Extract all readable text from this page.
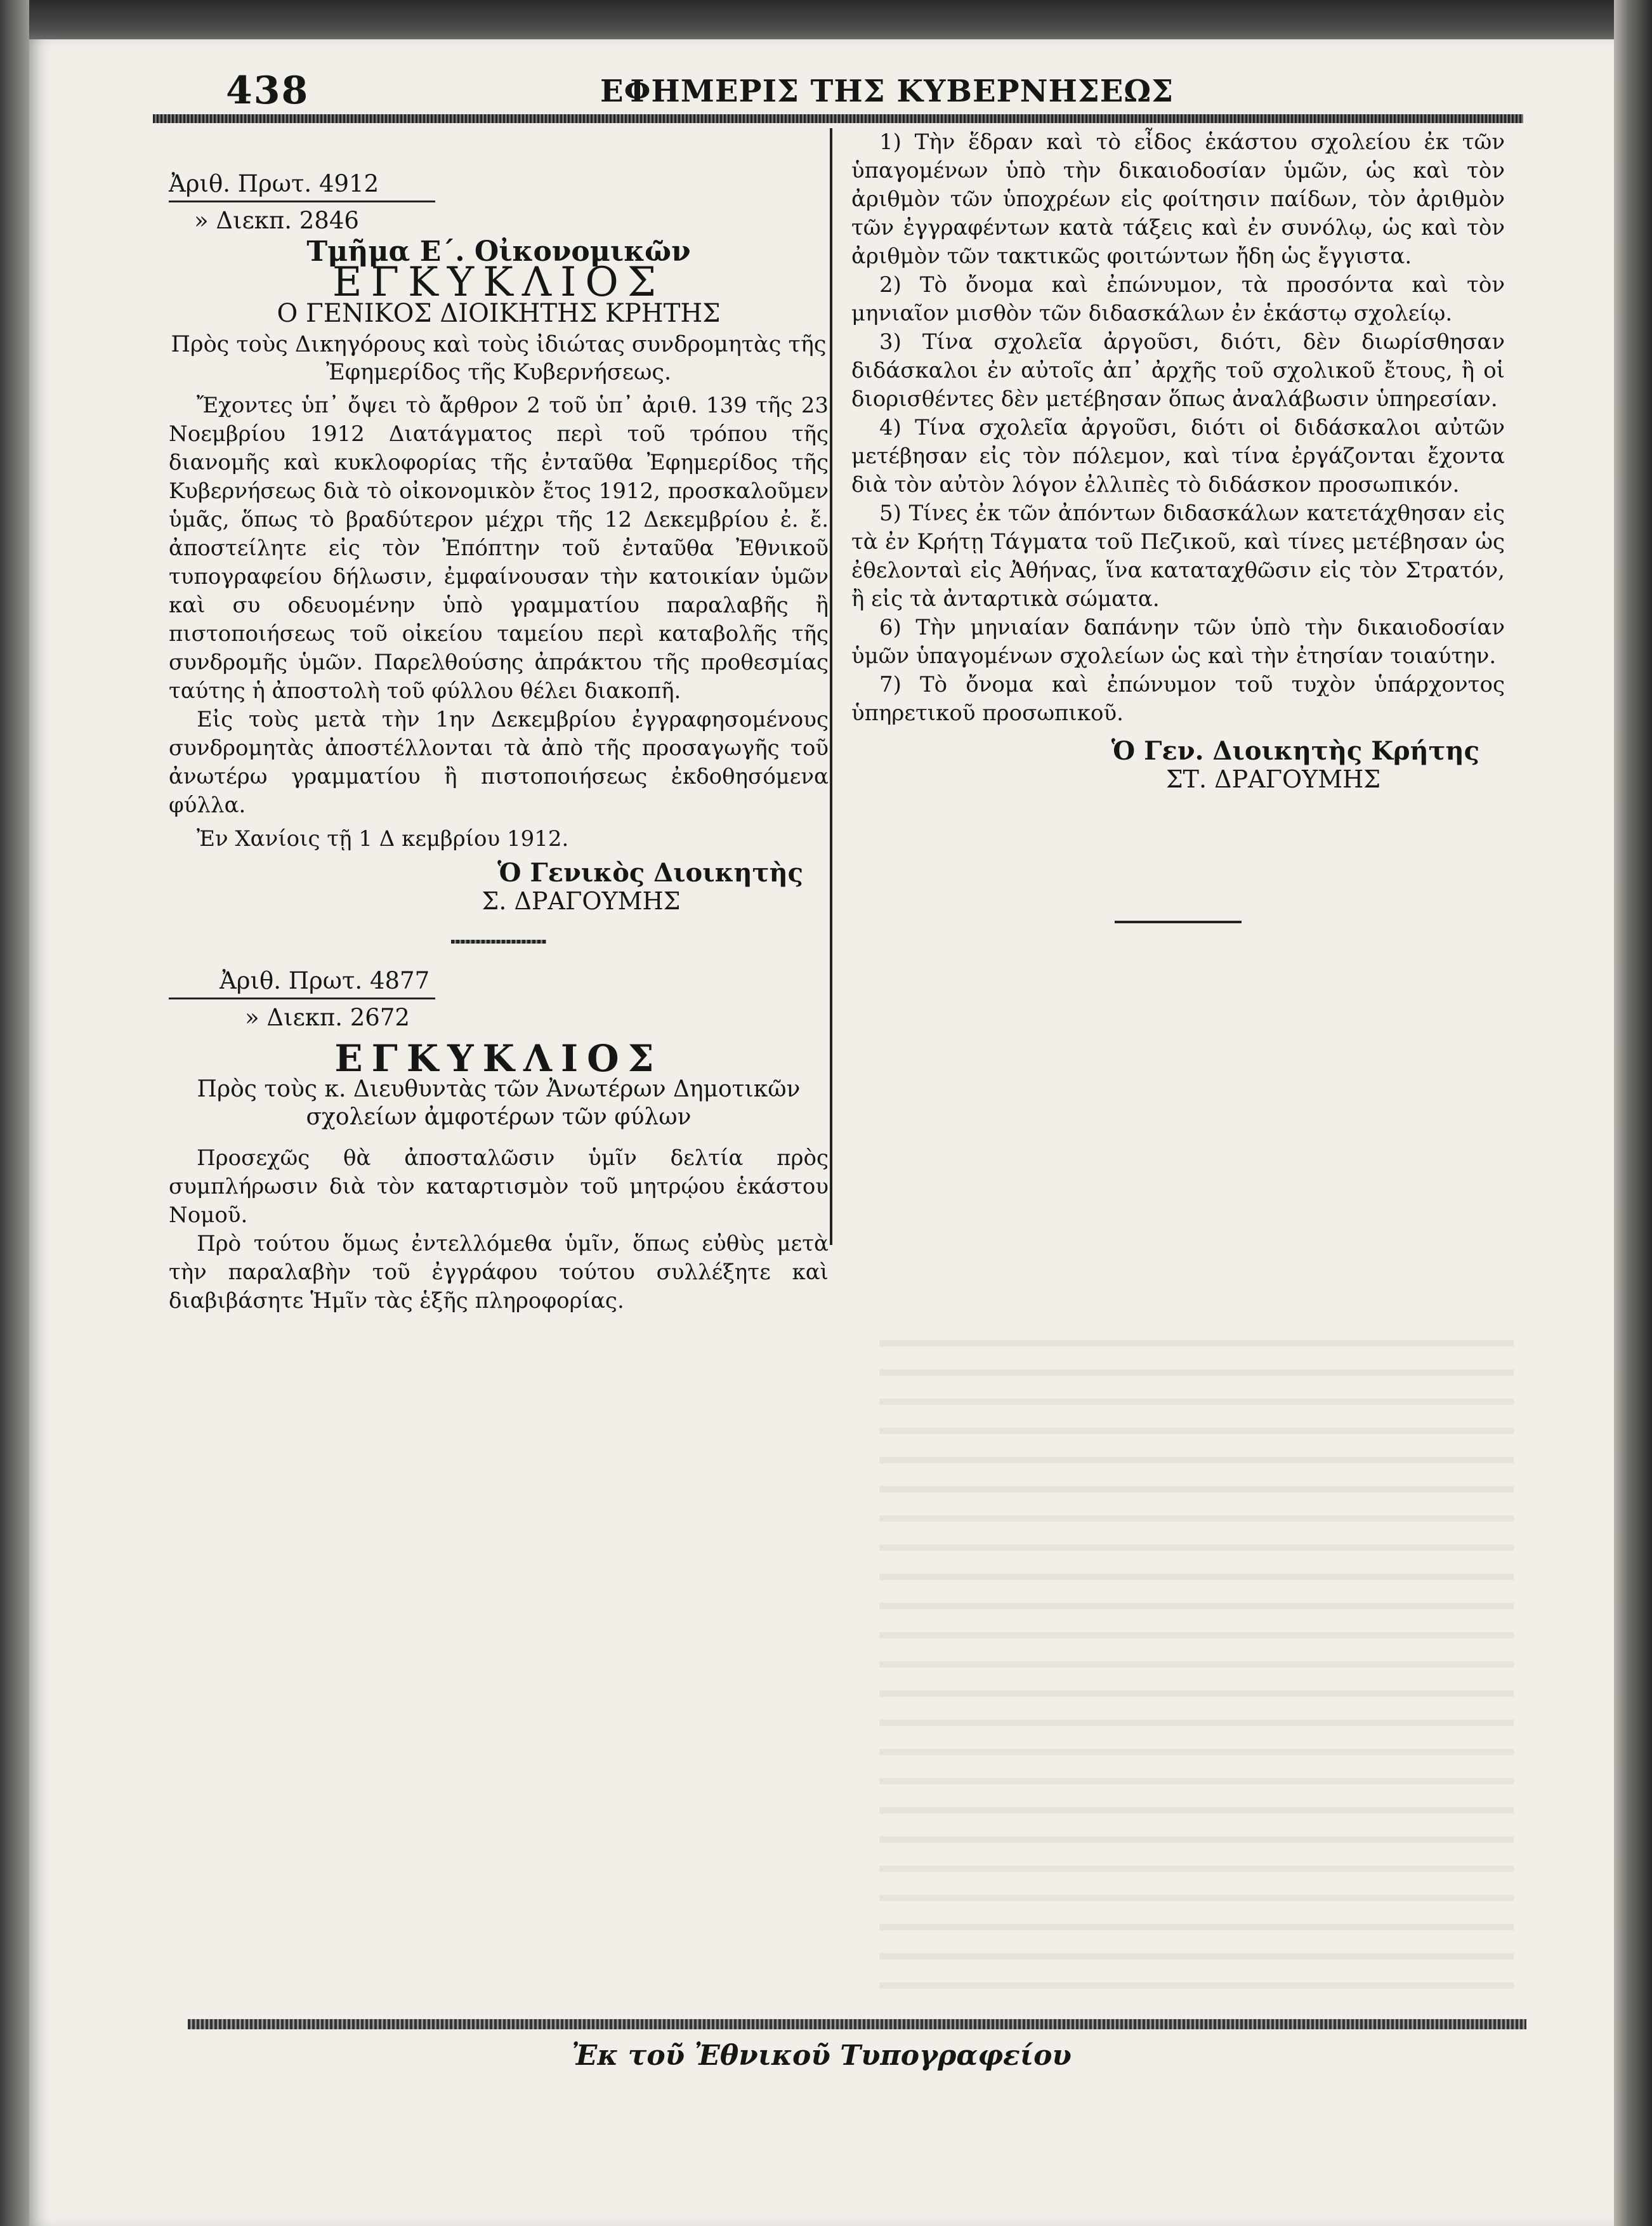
438	ΕΦΗΜΕΡΙΣ ΤΗΣ ΚΥΒΕΡΝΗΣΕΩΣ
Ἀριθ. Πρωτ. 4912
» Διεκπ. 2846
Τμῆμα Ε΄. Οἰκονομικῶν
ΕΓΚΥΚΛΙΟΣ
Ο ΓΕΝΙΚΟΣ ΔΙΟΙΚΗΤΗΣ ΚΡΗΤΗΣ
Πρὸς τοὺς Δικηγόρους καὶ τοὺς ἰδιώτας συνδρομητὰς τῆς Ἐφημερίδος τῆς Κυβερνήσεως.

Ἔχοντες ὑπ᾽ ὄψει τὸ ἄρθρον 2 τοῦ ὑπ᾽ ἀριθ. 139 τῆς 23 Νοεμβρίου 1912 Διατάγματος περὶ τοῦ τρόπου τῆς διανομῆς καὶ κυκλοφορίας τῆς ἐνταῦθα Ἐφημερίδος τῆς Κυβερνήσεως διὰ τὸ οἰκονομικὸν ἔτος 1912, προσκαλοῦμεν ὑμᾶς, ὅπως τὸ βραδύτερον μέχρι τῆς 12 Δεκεμβρίου ἐ. ἔ. ἀποστείλητε εἰς τὸν Ἐπόπτην τοῦ ἐνταῦθα Ἐθνικοῦ τυπογραφείου δήλωσιν, ἐμφαίνουσαν τὴν κατοικίαν ὑμῶν καὶ συ οδευομένην ὑπὸ γραμματίου παραλαβῆς ἢ πιστοποιήσεως τοῦ οἰκείου ταμείου περὶ καταβολῆς τῆς συνδρομῆς ὑμῶν. Παρελθούσης ἀπράκτου τῆς προθεσμίας ταύτης ἡ ἀποστολὴ τοῦ φύλλου θέλει διακοπῆ.

Εἰς τοὺς μετὰ τὴν 1ην Δεκεμβρίου ἐγγραφησομένους συνδρομητὰς ἀποστέλλονται τὰ ἀπὸ τῆς προσαγωγῆς τοῦ ἀνωτέρω γραμματίου ἢ πιστοποιήσεως ἐκδοθησόμενα φύλλα.

Ἐν Χανίοις τῇ 1 Δ κεμβρίου 1912.
Ὁ Γενικὸς Διοικητὴς
Σ. ΔΡΑΓΟΥΜΗΣ
Ἀριθ. Πρωτ. 4877
» Διεκπ. 2672
ΕΓΚΥΚΛΙΟΣ
Πρὸς τοὺς κ. Διευθυντὰς τῶν Ἀνωτέρων Δημοτικῶν σχολείων ἀμφοτέρων τῶν φύλων

Προσεχῶς θὰ ἀποσταλῶσιν ὑμῖν δελτία πρὸς συμπλήρωσιν διὰ τὸν καταρτισμὸν τοῦ μητρῴου ἑκάστου Νομοῦ.

Πρὸ τούτου ὅμως ἐντελλόμεθα ὑμῖν, ὅπως εὐθὺς μετὰ τὴν παραλαβὴν τοῦ ἐγγράφου τούτου συλλέξητε καὶ διαβιβάσητε Ἡμῖν τὰς ἑξῆς πληροφορίας.

1) Τὴν ἕδραν καὶ τὸ εἶδος ἑκάστου σχολείου ἐκ τῶν ὑπαγομένων ὑπὸ τὴν δικαιοδοσίαν ὑμῶν, ὡς καὶ τὸν ἀριθμὸν τῶν ὑποχρέων εἰς φοίτησιν παίδων, τὸν ἀριθμὸν τῶν ἐγγραφέντων κατὰ τάξεις καὶ ἐν συνόλῳ, ὡς καὶ τὸν ἀριθμὸν τῶν τακτικῶς φοιτώντων ἤδη ὡς ἔγγιστα.

2) Τὸ ὄνομα καὶ ἐπώνυμον, τὰ προσόντα καὶ τὸν μηνιαῖον μισθὸν τῶν διδασκάλων ἐν ἑκάστῳ σχολείῳ.

3) Τίνα σχολεῖα ἀργοῦσι, διότι, δὲν διωρίσθησαν διδάσκαλοι ἐν αὐτοῖς ἀπ᾽ ἀρχῆς τοῦ σχολικοῦ ἔτους, ἢ οἱ διορισθέντες δὲν μετέβησαν ὅπως ἀναλάβωσιν ὑπηρεσίαν.

4) Τίνα σχολεῖα ἀργοῦσι, διότι οἱ διδάσκαλοι αὐτῶν μετέβησαν εἰς τὸν πόλεμον, καὶ τίνα ἐργάζονται ἔχοντα διὰ τὸν αὐτὸν λόγον ἐλλιπὲς τὸ διδάσκον προσωπικόν.

5) Τίνες ἐκ τῶν ἀπόντων διδασκάλων κατετάχθησαν εἰς τὰ ἐν Κρήτῃ Τάγματα τοῦ Πεζικοῦ, καὶ τίνες μετέβησαν ὡς ἐθελονταὶ εἰς Ἀθήνας, ἵνα καταταχθῶσιν εἰς τὸν Στρατόν, ἢ εἰς τὰ ἀνταρτικὰ σώματα.

6) Τὴν μηνιαίαν δαπάνην τῶν ὑπὸ τὴν δικαιοδοσίαν ὑμῶν ὑπαγομένων σχολείων ὡς καὶ τὴν ἐτησίαν τοιαύτην.

7) Τὸ ὄνομα καὶ ἐπώνυμον τοῦ τυχὸν ὑπάρχοντος ὑπηρετικοῦ προσωπικοῦ.

Ὁ Γεν. Διοικητὴς Κρήτης
ΣΤ. ΔΡΑΓΟΥΜΗΣ
Ἐκ τοῦ Ἐθνικοῦ Τυπογραφείου
